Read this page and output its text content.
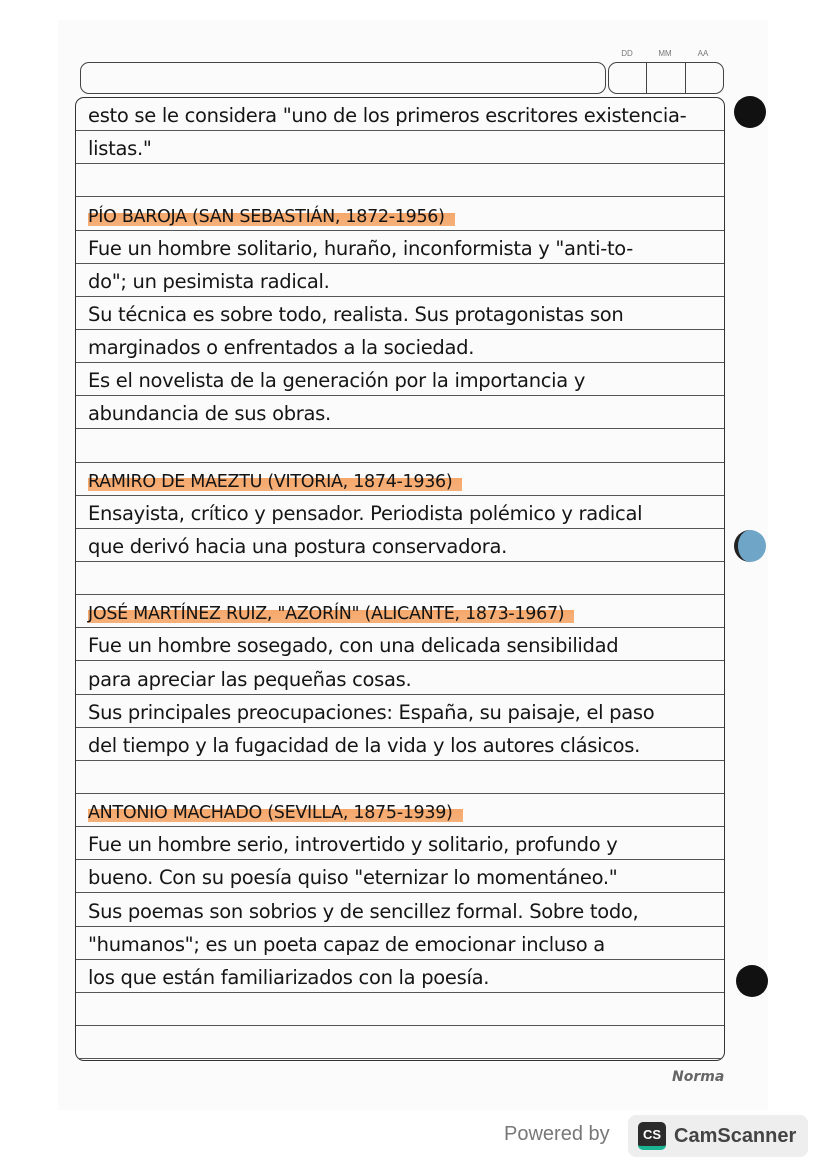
DD	MM	AA
esto se le considera "uno de los primeros escritores existencia-
listas."
PÍO BAROJA (SAN SEBASTIÁN, 1872-1956)
Fue un hombre solitario, huraño, inconformista y "anti-to-
do"; un pesimista radical.
Su técnica es sobre todo, realista. Sus protagonistas son
marginados o enfrentados a la sociedad.
Es el novelista de la generación por la importancia y
abundancia de sus obras.
RAMIRO DE MAEZTU (VITORIA, 1874-1936)
Ensayista, crítico y pensador. Periodista polémico y radical
que derivó hacia una postura conservadora.
JOSÉ MARTÍNEZ RUIZ, "AZORÍN" (ALICANTE, 1873-1967)
Fue un hombre sosegado, con una delicada sensibilidad
para apreciar las pequeñas cosas.
Sus principales preocupaciones: España, su paisaje, el paso
del tiempo y la fugacidad de la vida y los autores clásicos.
ANTONIO MACHADO (SEVILLA, 1875-1939)
Fue un hombre serio, introvertido y solitario, profundo y
bueno. Con su poesía quiso "eternizar lo momentáneo."
Sus poemas son sobrios y de sencillez formal. Sobre todo,
"humanos"; es un poeta capaz de emocionar incluso a
los que están familiarizados con la poesía.
Norma
Powered by	CS CamScanner
